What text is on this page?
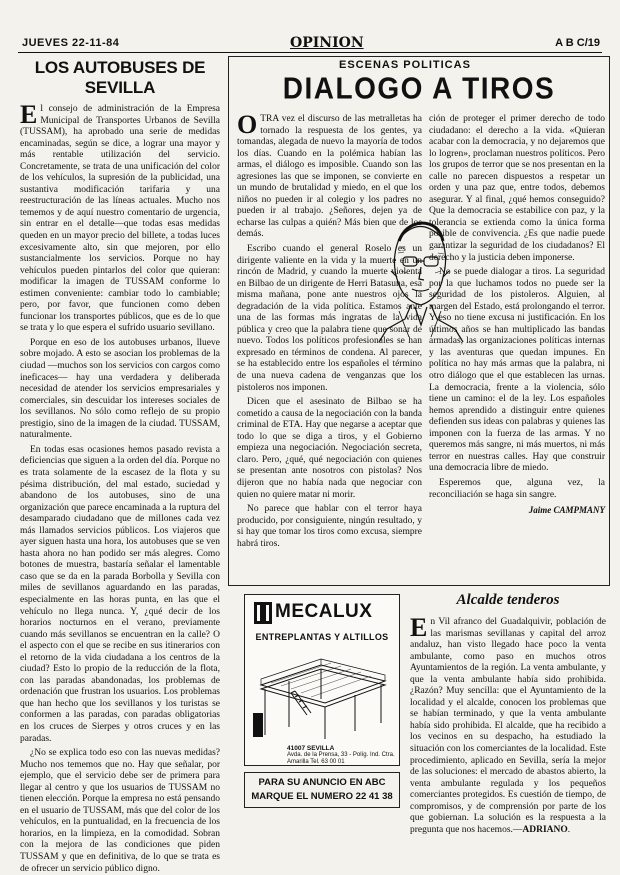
JUEVES 22-11-84	OPINION	A B C/19
LOS AUTOBUSES DE SEVILLA

El consejo de administración de la Empresa Municipal de Transportes Urbanos de Sevilla (TUSSAM), ha aprobado una serie de medidas encaminadas, según se dice, a lograr una mayor y más rentable utilización del servicio. Concretamente, se trata de una unificación del color de los vehículos, la supresión de la publicidad, una sustantiva modificación tarifaria y una reestructuración de las líneas actuales. Mucho nos tememos y de aquí nuestro comentario de urgencia, sin entrar en el detalle—que todas esas medidas queden en un mayor precio del billete, a todas luces excesivamente alto, sin que mejoren, por ello sustancialmente los servicios. Porque no hay vehículos pueden pintarlos del color que quieran: modificar la imagen de TUSSAM conforme lo estimen conveniente: cambiar todo lo cambiable; pero, por favor, que funcionen como deben funcionar los transportes públicos, que es de lo que se trata y lo que espera el sufrido usuario sevillano.

Porque en eso de los autobuses urbanos, llueve sobre mojado. A esto se asocian los problemas de la ciudad —muchos son los servicios con cargos como ineficaces— hay una verdadera y deliberada necesidad de atender los servicios empresariales y comerciales, sin descuidar los intereses sociales de los sevillanos. No sólo como reflejo de su propio prestigio, sino de la imagen de la ciudad. TUSSAM, naturalmente.

En todas esas ocasiones hemos pasado revista a deficiencias que siguen a la orden del día. Porque no es trata solamente de la escasez de la flota y su pésima distribución, del mal estado, suciedad y abandono de los autobuses, sino de una organización que parece encaminada a la ruptura del desamparado ciudadano que de millones cada vez más llamados servicios públicos. Los viajeros que ayer siguen hasta una hora, los autobuses que se ven hasta ahora no han podido ser más alegres. Como botones de muestra, bastaría señalar el lamentable caso que se da en la parada Borbolla y Sevilla con miles de sevillanos aguardando en las paradas, especialmente en las horas punta, en las que el vehículo no llega nunca. Y, ¿qué decir de los horarios nocturnos en el verano, previamente cuando más sevillanos se encuentran en la calle? O el aspecto con el que se recibe en sus itinerarios con el retorno de la vida ciudadana a los centros de la ciudad? Esto lo propio de la reducción de la flota, con las paradas abandonadas, los problemas de ordenación que frustran los usuarios. Los problemas que han hecho que los sevillanos y los turistas se conformen a las paradas, con paradas obligatorias en los cruces de Sierpes y otros cruces y en las paradas.

¿No se explica todo eso con las nuevas medidas? Mucho nos tememos que no. Hay que señalar, por ejemplo, que el servicio debe ser de primera para llegar al centro y que los usuarios de TUSSAM no tienen elección. Porque la empresa no está pensando en el usuario de TUSSAM, más que del color de los vehículos, en la puntualidad, en la frecuencia de los horarios, en la limpieza, en la comodidad. Sobran con la mejora de las condiciones que piden TUSSAM y que en definitiva, de lo que se trata es de ofrecer un servicio público digno.

ESCENAS POLITICAS
DIALOGO A TIROS

OTRA vez el discurso de las metralletas ha tornado la respuesta de los gentes, ya tomandas, alegada de nuevo la mayoría de todos los días. Cuando en la polémica habían las armas, el diálogo es imposible. Cuando son las agresiones las que se imponen, se convierte en un mundo de brutalidad y miedo, en el que los niños no pueden ir al colegio y los padres no pueden ir al trabajo. ¿Señores, dejen ya de echarse las culpas a quién? Más bien que de los demás.

Escribo cuando el general Roselo es un dirigente valiente en la vida y la muerte en un rincón de Madrid, y cuando la muerte violenta en Bilbao de un dirigente de Herri Batasuna, esa misma mañana, pone ante nuestros ojos la degradación de la vida política. Estamos ante una de las formas más ingratas de la vida pública y creo que la palabra tiene que sonar de nuevo. Todos los políticos profesionales se han expresado en términos de condena. Al parecer, se ha establecido entre los españoles el término de una nueva cadena de venganzas que los pistoleros nos imponen.

Dicen que el asesinato de Bilbao se ha cometido a causa de la negociación con la banda criminal de ETA. Hay que negarse a aceptar que todo lo que se diga a tiros, y el Gobierno empieza una negociación. Negociación secreta, claro. Pero, ¿qué, qué negociación con quienes se presentan ante nosotros con pistolas? Nos dijeron que no había nada que negociar con quien no quiere matar ni morir.

No parece que hablar con el terror haya producido, por consiguiente, ningún resultado, y si hay que tomar los tiros como excusa, siempre habrá tiros.

ción de proteger el primer derecho de todo ciudadano: el derecho a la vida. «Quieran acabar con la democracia, y no dejaremos que lo logren», proclaman nuestros políticos. Pero los grupos de terror que se nos presentan en la calle no parecen dispuestos a respetar un orden y una paz que, entre todos, debemos asegurar. Y al final, ¿qué hemos conseguido? Que la democracia se estabilice con paz, y la tolerancia se extienda como la única forma posible de convivencia. ¿Es que nadie puede garantizar la seguridad de los ciudadanos? El derecho y la justicia deben imponerse.

No se puede dialogar a tiros. La seguridad por la que luchamos todos no puede ser la seguridad de los pistoleros. Alguien, al margen del Estado, está prolongando el terror. Y eso no tiene excusa ni justificación. En los últimos años se han multiplicado las bandas armadas, las organizaciones políticas internas y las aventuras que quedan impunes. En política no hay más armas que la palabra, ni otro diálogo que el que establecen las urnas. La democracia, frente a la violencia, sólo tiene un camino: el de la ley. Los españoles hemos aprendido a distinguir entre quienes defienden sus ideas con palabras y quienes las imponen con la fuerza de las armas. Y no queremos más sangre, ni más muertos, ni más terror en nuestras calles. Hay que construir una democracia libre de miedo.

Esperemos que, alguna vez, la reconciliación se haga sin sangre.

Jaime CAMPMANY
MECALUX
ENTREPLANTAS Y ALTILLOS
41007 SEVILLA
Avda. de la Prensa, 33 - Políg. Ind. Ctra. Amarilla Tel. 63 00 01
PARA SU ANUNCIO EN ABC
MARQUE EL NUMERO 22 41 38
Alcalde tenderos

En Vil afranco del Guadalquivir, población de las marismas sevillanas y capital del arroz andaluz, han visto llegado hace poco la venta ambulante, como paso en muchos otros Ayuntamientos de la región. La venta ambulante, y que la venta ambulante había sido prohibida. ¿Razón? Muy sencilla: que el Ayuntamiento de la localidad y el alcalde, conocen los problemas que se habían terminado, y que la venta ambulante había sido prohibida. El alcalde, que ha recibido a los vecinos en su despacho, ha estudiado la situación con los comerciantes de la localidad. Este procedimiento, aplicado en Sevilla, sería la mejor de las soluciones: el mercado de abastos abierto, la venta ambulante regulada y los pequeños comerciantes protegidos. Es cuestión de tiempo, de compromisos, y de comprensión por parte de los que gobiernan. La solución es la respuesta a la pregunta que nos hacemos.—ADRIANO.
